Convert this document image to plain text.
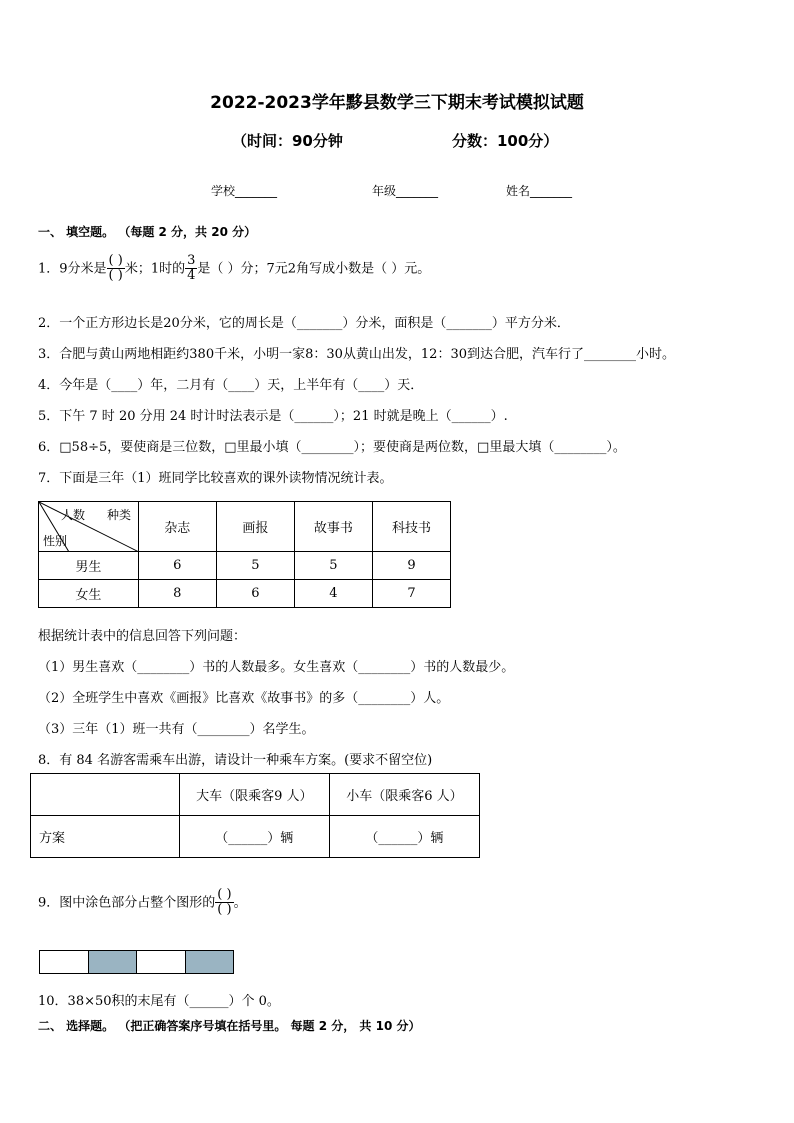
2022-2023学年黟县数学三下期末考试模拟试题
（时间：90分钟	分数：100分）
学校_______	年级_______	姓名_______
一、 填空题。 （每题 2 分，共 20 分）
1．9分米是 $\frac{( )}{( )}$ 米；1时的 $\frac{3}{4}$ 是（ ）分；7元2角写成小数是（ ）元。
2．一个正方形边长是20分米，它的周长是（_______）分米，面积是（_______）平方分米．
3．合肥与黄山两地相距约380千米，小明一家8：30从黄山出发，12：30到达合肥，汽车行了________小时。
4．今年是（____）年，二月有（____）天，上半年有（____）天．
5．下午 7 时 20 分用 24 时计时法表示是（______）；21 时就是晚上（______）.
6．□58÷5，要使商是三位数，□里最小填（________）；要使商是两位数，□里最大填（________）。
7．下面是三年（1）班同学比较喜欢的课外读物情况统计表。
人数 种类
性别	杂志	画报	故事书	科技书
男生	6	5	5	9
女生	8	6	4	7
根据统计表中的信息回答下列问题：
（1）男生喜欢（________）书的人数最多。女生喜欢（________）书的人数最少。
（2）全班学生中喜欢《画报》比喜欢《故事书》的多（________）人。
（3）三年（1）班一共有（________）名学生。
8．有 84 名游客需乘车出游，请设计一种乘车方案。(要求不留空位)
	大车（限乘客9 人）	小车（限乘客6 人）
方案	（______）辆	（______）辆
9．图中涂色部分占整个图形的 $\frac{( )}{( )}$ 。
10．38×50积的末尾有（______）个 0。
二、 选择题。 （把正确答案序号填在括号里。 每题 2 分， 共 10 分）
